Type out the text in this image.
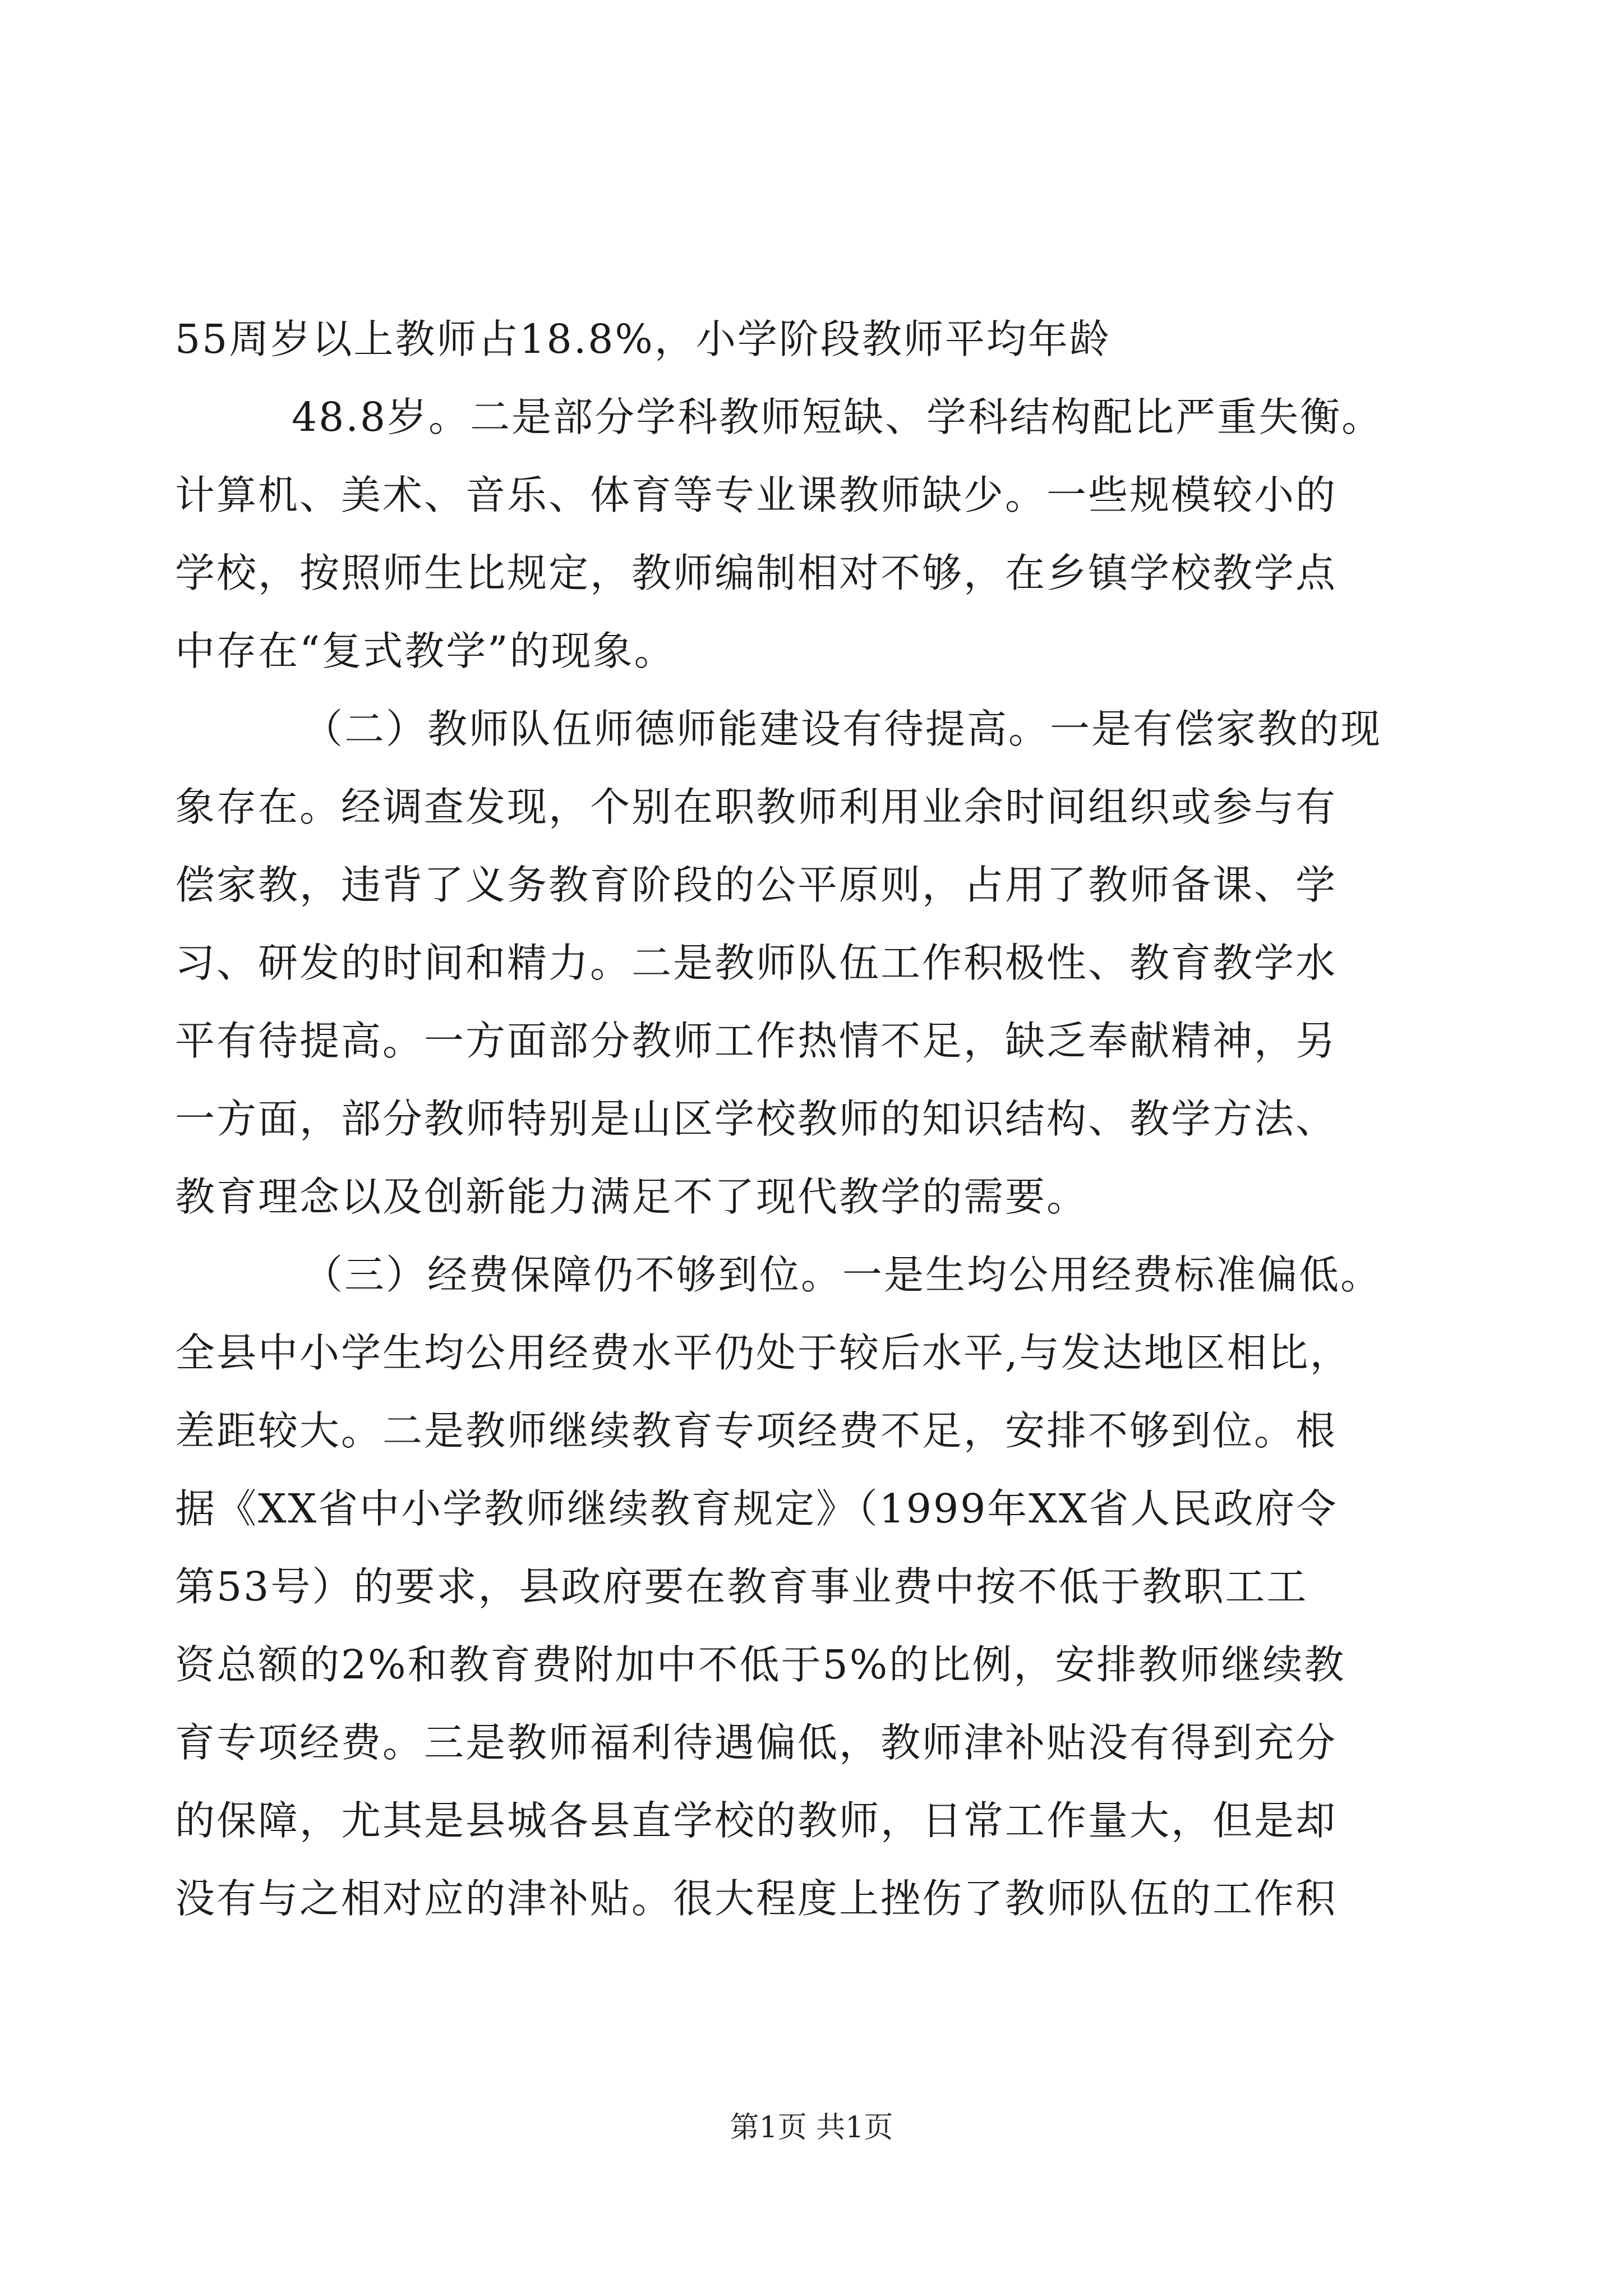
55周岁以上教师占18.8%，小学阶段教师平均年龄
48.8岁。二是部分学科教师短缺、学科结构配比严重失衡。
计算机、美术、音乐、体育等专业课教师缺少。一些规模较小的
学校，按照师生比规定，教师编制相对不够，在乡镇学校教学点
中存在“复式教学”的现象。
（二）教师队伍师德师能建设有待提高。一是有偿家教的现
象存在。经调查发现，个别在职教师利用业余时间组织或参与有
偿家教，违背了义务教育阶段的公平原则，占用了教师备课、学
习、研发的时间和精力。二是教师队伍工作积极性、教育教学水
平有待提高。一方面部分教师工作热情不足，缺乏奉献精神，另
一方面，部分教师特别是山区学校教师的知识结构、教学方法、
教育理念以及创新能力满足不了现代教学的需要。
（三）经费保障仍不够到位。一是生均公用经费标准偏低。
全县中小学生均公用经费水平仍处于较后水平,与发达地区相比，
差距较大。二是教师继续教育专项经费不足，安排不够到位。根
据《XX省中小学教师继续教育规定》（1999年XX省人民政府令
第53号）的要求，县政府要在教育事业费中按不低于教职工工
资总额的2%和教育费附加中不低于5%的比例，安排教师继续教
育专项经费。三是教师福利待遇偏低，教师津补贴没有得到充分
的保障，尤其是县城各县直学校的教师，日常工作量大，但是却
没有与之相对应的津补贴。很大程度上挫伤了教师队伍的工作积
第1页 共1页
